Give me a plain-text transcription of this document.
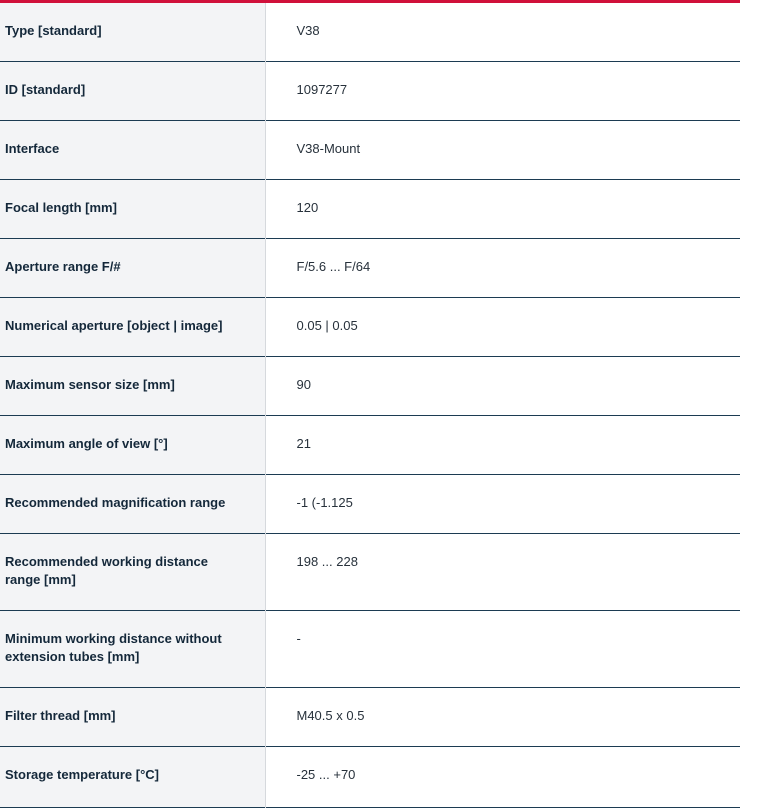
Type [standard]	V38
ID [standard]	1097277
Interface	V38-Mount
Focal length [mm]	120
Aperture range F/#	F/5.6 ... F/64
Numerical aperture [object | image]	0.05 | 0.05
Maximum sensor size [mm]	90
Maximum angle of view [°]	21
Recommended magnification range	-1 (-1.125
Recommended working distance range [mm]	198 ... 228
Minimum working distance without extension tubes [mm]	-
Filter thread [mm]	M40.5 x 0.5
Storage temperature [°C]	-25 ... +70
